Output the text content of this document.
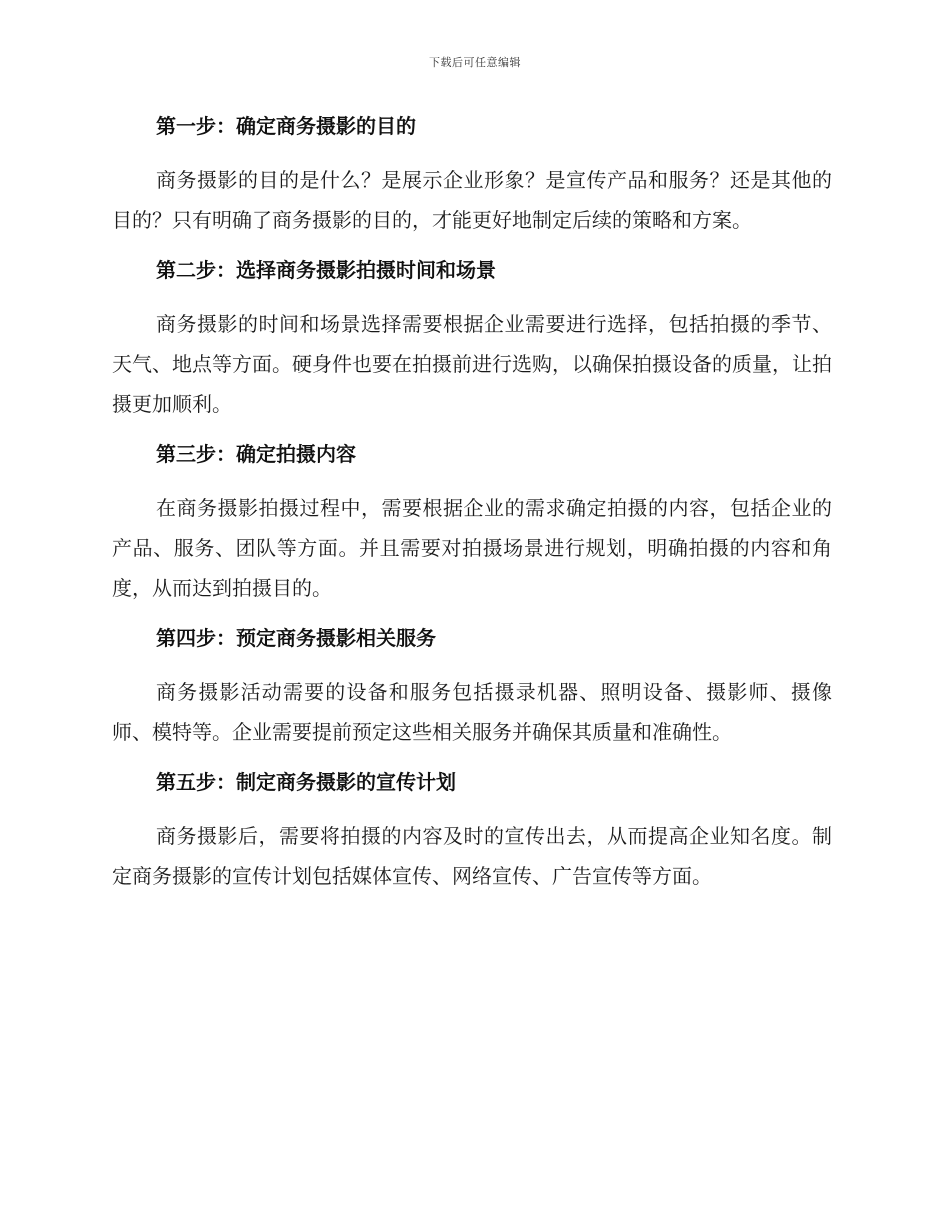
下载后可任意编辑

第一步：确定商务摄影的目的

商务摄影的目的是什么？是展示企业形象？是宣传产品和服务？还是其他的目的？只有明确了商务摄影的目的，才能更好地制定后续的策略和方案。

第二步：选择商务摄影拍摄时间和场景

商务摄影的时间和场景选择需要根据企业需要进行选择，包括拍摄的季节、天气、地点等方面。硬身件也要在拍摄前进行选购，以确保拍摄设备的质量，让拍摄更加顺利。

第三步：确定拍摄内容

在商务摄影拍摄过程中，需要根据企业的需求确定拍摄的内容，包括企业的产品、服务、团队等方面。并且需要对拍摄场景进行规划，明确拍摄的内容和角度，从而达到拍摄目的。

第四步：预定商务摄影相关服务

商务摄影活动需要的设备和服务包括摄录机器、照明设备、摄影师、摄像师、模特等。企业需要提前预定这些相关服务并确保其质量和准确性。

第五步：制定商务摄影的宣传计划

商务摄影后，需要将拍摄的内容及时的宣传出去，从而提高企业知名度。制定商务摄影的宣传计划包括媒体宣传、网络宣传、广告宣传等方面。
